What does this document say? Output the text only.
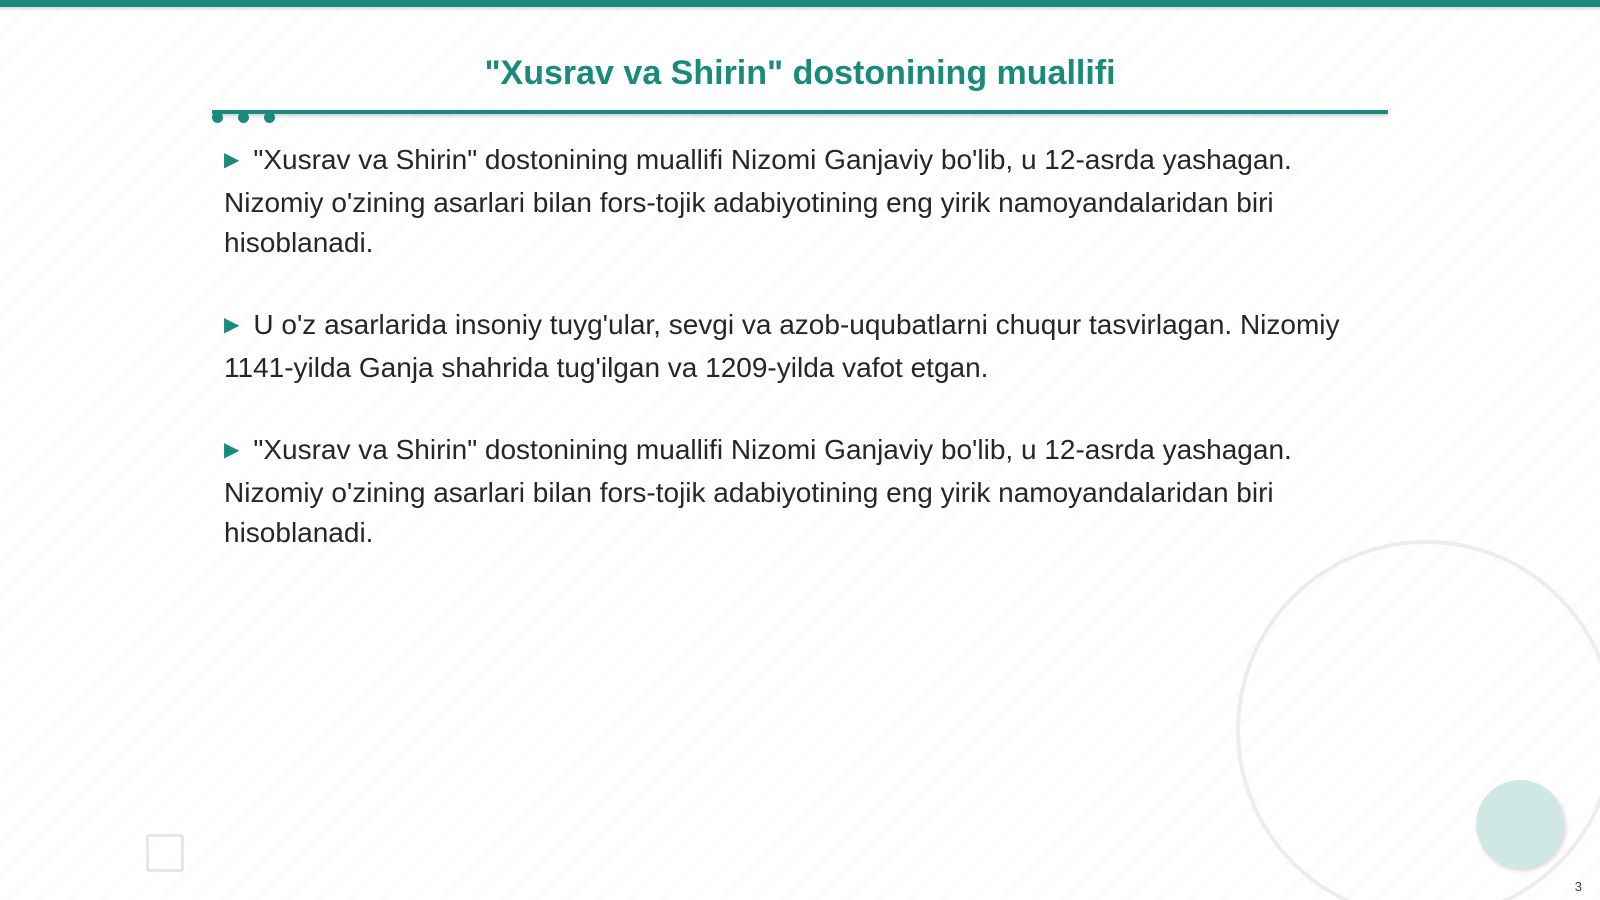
"Xusrav va Shirin" dostonining muallifi

▶ "Xusrav va Shirin" dostonining muallifi Nizomi Ganjaviy bo'lib, u 12-asrda yashagan. Nizomiy o'zining asarlari bilan fors-tojik adabiyotining eng yirik namoyandalaridan biri hisoblanadi.

▶ U o'z asarlarida insoniy tuyg'ular, sevgi va azob-uqubatlarni chuqur tasvirlagan. Nizomiy 1141-yilda Ganja shahrida tug'ilgan va 1209-yilda vafot etgan.

▶ "Xusrav va Shirin" dostonining muallifi Nizomi Ganjaviy bo'lib, u 12-asrda yashagan. Nizomiy o'zining asarlari bilan fors-tojik adabiyotining eng yirik namoyandalaridan biri hisoblanadi.

3
